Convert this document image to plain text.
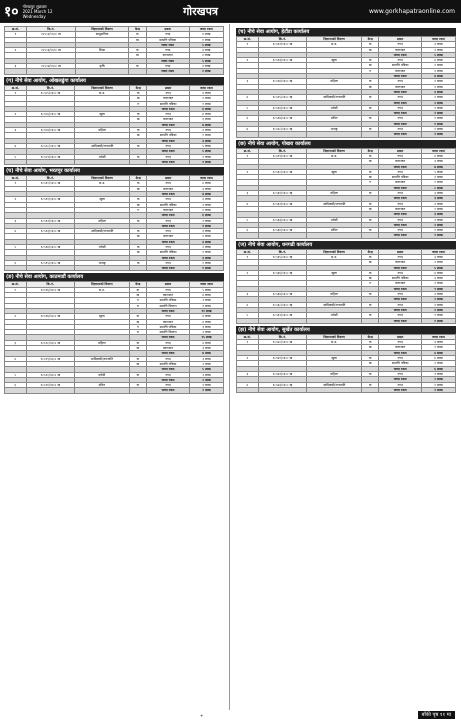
१० गोरखपुर शुक्रवार
2021 March 12 Wednesday	गोरखपत्र	www.gorkhapatraonline.com
क्र.सं.	कि.नं.	विज्ञापनको विवरण	केन्द्र	प्रकार	जम्मा रकम
१	१८५०२/०६०८ ख	सामुदायिक	क	नगद	४ लाख
			ख	सम्पत्ति पत्रिका	१ लाख
				जम्मा रकम	५ लाख
२	१८५०३/०६०८ ख	शिक्षा	क	नगद	३ लाख
			ख	कागजात	२ लाख
				जम्मा रकम	५ लाख
३	१८५०४/०६०८ ख	कृषि	क	नगद	२ लाख
				जम्मा रकम	२ लाख
(ग) नीचे सेवा आयोग, ओखलढुंगा कार्यालय
क्र.सं.	कि.नं.	विज्ञापनको विवरण	केन्द्र	प्रकार	जम्मा रकम
१	१८५०५/०६०८ ख	स.उ.	क	नगद	३ लाख
			ख	कागजात	२ लाख
			ग	सम्पत्ति पत्रिका	१ लाख
				जम्मा रकम	६ लाख
२	१८५०६/०६०८ ख	खुला	क	नगद	४ लाख
			ख	कागजात	३ लाख
				जम्मा रकम	७ लाख
३	१८५०७/०६०८ ख	महिला	क	नगद	२ लाख
			ख	सम्पत्ति पत्रिका	१ लाख
				जम्मा रकम	३ लाख
४	१८५०८/०६०८ ख	आदिवासी/जनजाति	क	नगद	५ लाख
				जम्मा रकम	५ लाख
५	१८५०९/०६०८ ख	मधेसी	क	नगद	१ लाख
				जम्मा रकम	१ लाख
(घ) नीचे सेवा आयोग, भरतपुर कार्यालय
क्र.सं.	कि.नं.	विज्ञापनको विवरण	केन्द्र	प्रकार	जम्मा रकम
१	१८५१०/०६०८ ख	स.उ.	क	नगद	४ लाख
			ख	कागजात	३ लाख
				जम्मा रकम	७ लाख
२	१८५११/०६०८ ख	खुला	क	नगद	३ लाख
			ख	सम्पत्ति पत्रिका	२ लाख
			ग	कागजात	१ लाख
				जम्मा रकम	६ लाख
३	१८५१२/०६०८ ख	महिला	क	नगद	२ लाख
				जम्मा रकम	२ लाख
४	१८५१३/०६०८ ख	आदिवासी/जनजाति	क	नगद	३ लाख
			ख	कागजात	१ लाख
				जम्मा रकम	४ लाख
५	१८५१४/०६०८ ख	मधेसी	क	नगद	२ लाख
			ख	सम्पत्ति पत्रिका	१ लाख
				जम्मा रकम	३ लाख
६	१८५१५/०६०८ ख	अपाङ्ग	क	नगद	१ लाख
				जम्मा रकम	१ लाख
(ङ) नीचे सेवा आयोग, काठमाडौं कार्यालय
क्र.सं.	कि.नं.	विज्ञापनको विवरण	केन्द्र	प्रकार	जम्मा रकम
१	१८५१६/०६०८ ख	स.उ.	क	नगद	५ लाख
			ख	कागजात	४ लाख
			ग	सम्पत्ति पत्रिका	२ लाख
			घ	सम्पत्ति विवरण	१ लाख
				जम्मा रकम	१२ लाख
२	१८५१७/०६०८ ख	खुला	क	नगद	६ लाख
			ख	कागजात	४ लाख
			ग	सम्पत्ति पत्रिका	३ लाख
			घ	सम्पत्ति विवरण	२ लाख
				जम्मा रकम	१५ लाख
३	१८५१८/०६०८ ख	महिला	क	नगद	४ लाख
			ख	कागजात	३ लाख
				जम्मा रकम	७ लाख
४	१८५१९/०६०८ ख	आदिवासी/जनजाति	क	नगद	३ लाख
			ख	सम्पत्ति पत्रिका	२ लाख
				जम्मा रकम	५ लाख
५	१८५२०/०६०८ ख	मधेसी	क	नगद	२ लाख
				जम्मा रकम	२ लाख
६	१८५२१/०६०८ ख	दलित	क	नगद	१ लाख
				जम्मा रकम	१ लाख
(च) नीचे सेवा आयोग, हेटौंडा कार्यालय
क्र.सं.	कि.नं.	विज्ञापनको विवरण	केन्द्र	प्रकार	जम्मा रकम
१	१८५२२/०६०८ ख	स.उ.	क	नगद	३ लाख
			ख	कागजात	२ लाख
				जम्मा रकम	५ लाख
२	१८५२३/०६०८ ख	खुला	क	नगद	४ लाख
			ख	सम्पत्ति पत्रिका	२ लाख
			ग	कागजात	१ लाख
				जम्मा रकम	७ लाख
३	१८५२४/०६०८ ख	महिला	क	नगद	२ लाख
			ख	कागजात	१ लाख
				जम्मा रकम	३ लाख
४	१८५२५/०६०८ ख	आदिवासी/जनजाति	क	नगद	२ लाख
				जम्मा रकम	२ लाख
५	१८५२६/०६०८ ख	मधेसी	क	नगद	१ लाख
				जम्मा रकम	१ लाख
६	१८५२७/०६०८ ख	दलित	क	नगद	१ लाख
				जम्मा रकम	१ लाख
७	१८५२८/०६०८ ख	अपाङ्ग	क	नगद	१ लाख
				जम्मा रकम	१ लाख
(छ) नीचे सेवा आयोग, पोखरा कार्यालय
क्र.सं.	कि.नं.	विज्ञापनको विवरण	केन्द्र	प्रकार	जम्मा रकम
१	१८५२९/०६०८ ख	स.उ.	क	नगद	४ लाख
			ख	कागजात	३ लाख
				जम्मा रकम	७ लाख
२	१८५३०/०६०८ ख	खुला	क	नगद	५ लाख
			ख	सम्पत्ति पत्रिका	२ लाख
			ग	कागजात	१ लाख
				जम्मा रकम	८ लाख
३	१८५३१/०६०८ ख	महिला	क	नगद	३ लाख
				जम्मा रकम	३ लाख
४	१८५३२/०६०८ ख	आदिवासी/जनजाति	क	नगद	२ लाख
			ख	कागजात	१ लाख
				जम्मा रकम	३ लाख
५	१८५३३/०६०८ ख	मधेसी	क	नगद	२ लाख
				जम्मा रकम	२ लाख
६	१८५३४/०६०८ ख	दलित	क	नगद	१ लाख
				जम्मा रकम	१ लाख
(ज) नीचे सेवा आयोग, धनगढी कार्यालय
क्र.सं.	कि.नं.	विज्ञापनको विवरण	केन्द्र	प्रकार	जम्मा रकम
१	१८५३५/०६०८ ख	स.उ.	क	नगद	३ लाख
			ख	कागजात	२ लाख
				जम्मा रकम	५ लाख
२	१८५३६/०६०८ ख	खुला	क	नगद	४ लाख
			ख	सम्पत्ति पत्रिका	३ लाख
			ग	कागजात	२ लाख
				जम्मा रकम	९ लाख
३	१८५३७/०६०८ ख	महिला	क	नगद	२ लाख
				जम्मा रकम	२ लाख
४	१८५३८/०६०८ ख	आदिवासी/जनजाति	क	नगद	२ लाख
				जम्मा रकम	२ लाख
५	१८५३९/०६०८ ख	मधेसी	क	नगद	१ लाख
				जम्मा रकम	१ लाख
(झ) नीचे सेवा आयोग, सुर्खेत कार्यालय
क्र.सं.	कि.नं.	विज्ञापनको विवरण	केन्द्र	प्रकार	जम्मा रकम
१	१८५४०/०६०८ ख	स.उ.	क	नगद	३ लाख
			ख	कागजात	१ लाख
				जम्मा रकम	४ लाख
२	१८५४१/०६०८ ख	खुला	क	नगद	४ लाख
			ख	सम्पत्ति पत्रिका	२ लाख
				जम्मा रकम	६ लाख
३	१८५४२/०६०८ ख	महिला	क	नगद	२ लाख
				जम्मा रकम	२ लाख
४	१८५४३/०६०८ ख	आदिवासी/जनजाति	क	नगद	१ लाख
				जम्मा रकम	१ लाख
+	बाँकी पृष्ठ ११ मा
